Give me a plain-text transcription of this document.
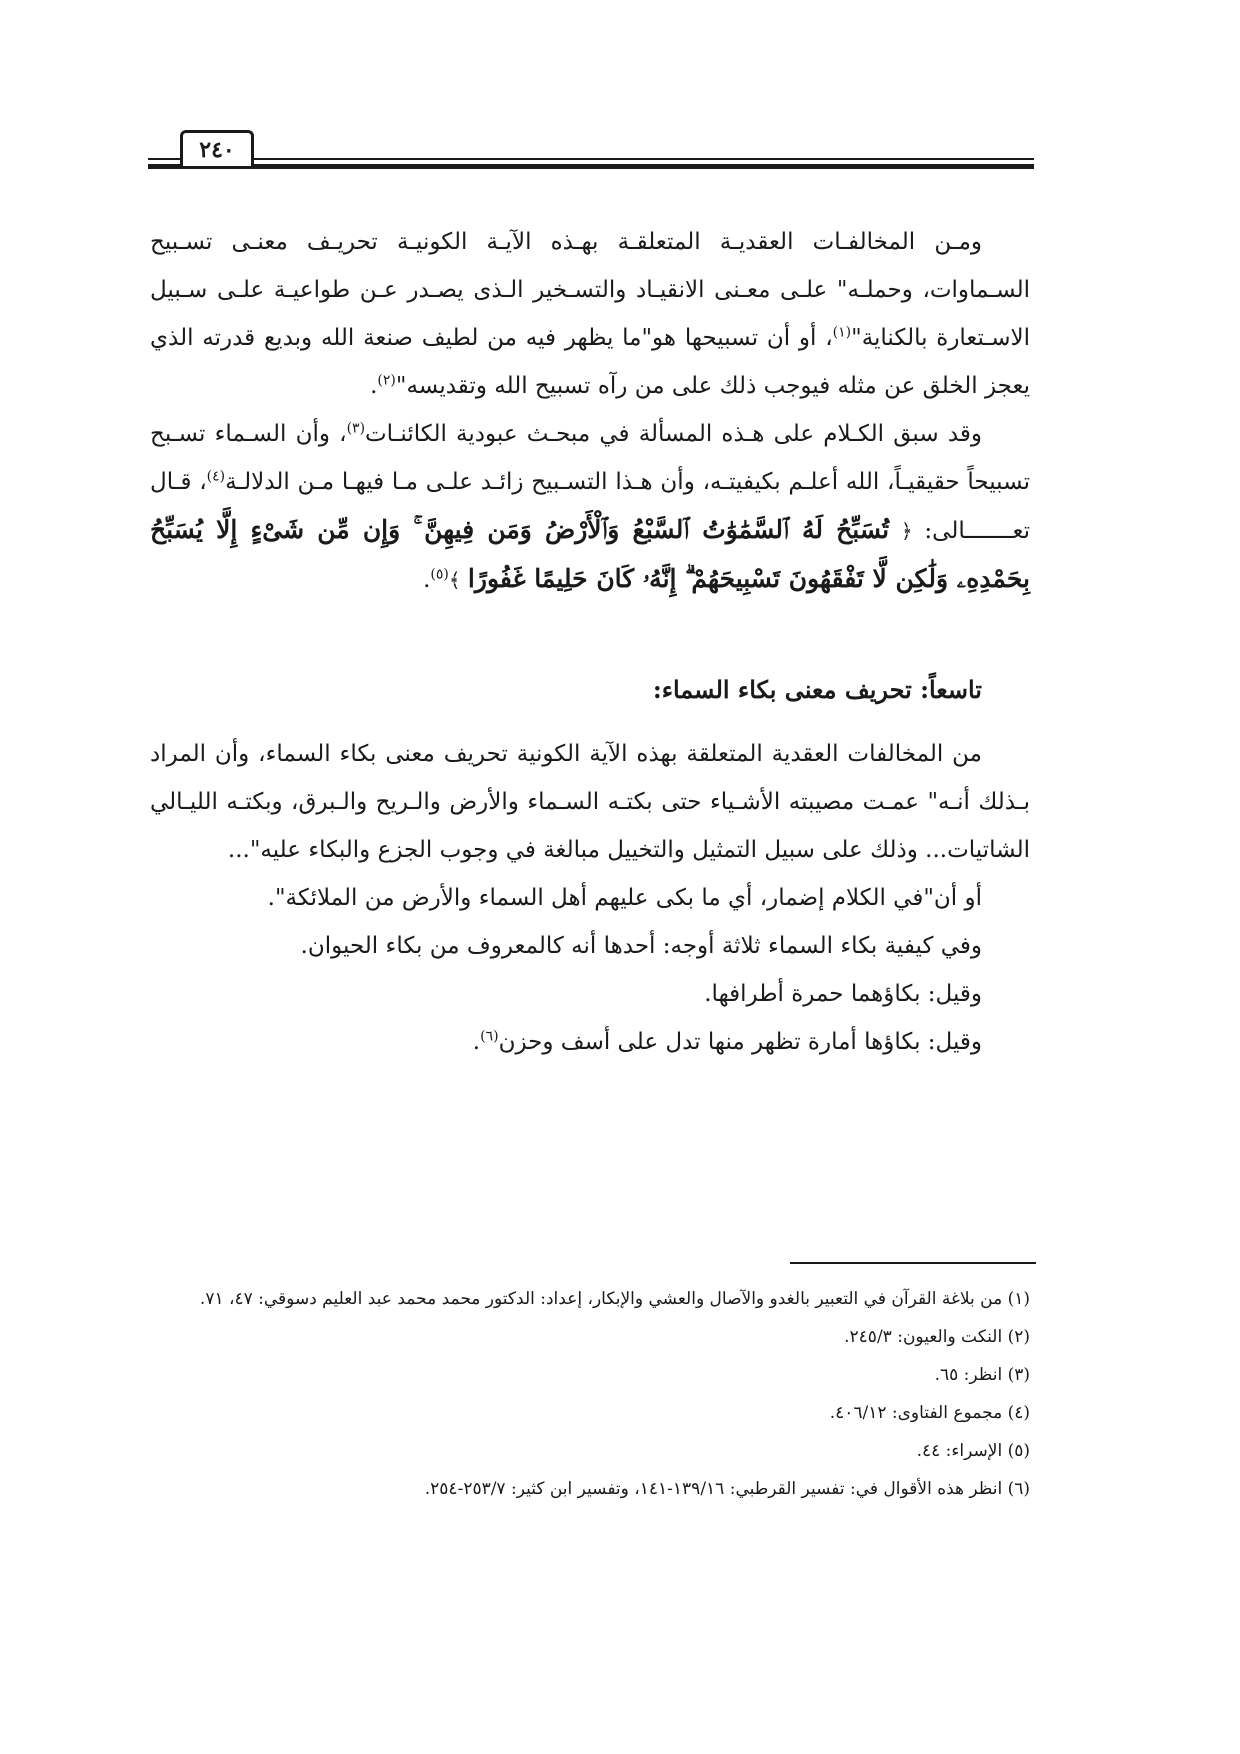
٢٤٠

ومـن المخالفـات العقديـة المتعلقـة بهـذه الآيـة الكونيـة تحريـف معنـى تسـبيح السـماوات، وحملـه" علـى معـنى الانقيـاد والتسـخير الـذى يصـدر عـن طواعيـة علـى سـبيل الاسـتعارة بالكناية"$^{(١)}$، أو أن تسبيحها هو"ما يظهر فيه من لطيف صنعة الله وبديع قدرته الذي يعجز الخلق عن مثله فيوجب ذلك على من رآه تسبيح الله وتقديسه"$^{(٢)}$.

وقد سبق الكـلام على هـذه المسألة في مبحـث عبودية الكائنـات$^{(٣)}$، وأن السـماء تسـبح تسبيحاً حقيقيـاً، الله أعلـم بكيفيتـه، وأن هـذا التسـبيح زائـد علـى مـا فيهـا مـن الدلالـة$^{(٤)}$، قـال تعـــــــالى: ﴿ تُسَبِّحُ لَهُ ٱلسَّمَٰوَٰتُ ٱلسَّبْعُ وَٱلْأَرْضُ وَمَن فِيهِنَّ ۚ وَإِن مِّن شَىْءٍ إِلَّا يُسَبِّحُ بِحَمْدِهِۦ وَلَٰكِن لَّا تَفْقَهُونَ تَسْبِيحَهُمْ ۗ إِنَّهُۥ كَانَ حَلِيمًا غَفُورًا ﴾$^{(٥)}$.

تاسعاً: تحريف معنى بكاء السماء:

من المخالفات العقدية المتعلقة بهذه الآية الكونية تحريف معنى بكاء السماء، وأن المراد بـذلك أنـه" عمـت مصيبته الأشـياء حتى بكتـه السـماء والأرض والـريح والـبرق، وبكتـه الليـالي الشاتيات... وذلك على سبيل التمثيل والتخييل مبالغة في وجوب الجزع والبكاء عليه"...

أو أن"في الكلام إضمار، أي ما بكى عليهم أهل السماء والأرض من الملائكة".

وفي كيفية بكاء السماء ثلاثة أوجه: أحدها أنه كالمعروف من بكاء الحيوان.

وقيل: بكاؤهما حمرة أطرافها.

وقيل: بكاؤها أمارة تظهر منها تدل على أسف وحزن$^{(٦)}$.

(١) من بلاغة القرآن في التعبير بالغدو والآصال والعشي والإبكار، إعداد: الدكتور محمد محمد عبد العليم دسوقي: ٤٧، ٧١.

(٢) النكت والعيون: ٢٤٥/٣.

(٣) انظر: ٦٥.

(٤) مجموع الفتاوى: ٤٠٦/١٢.

(٥) الإسراء: ٤٤.

(٦) انظر هذه الأقوال في: تفسير القرطبي: ١٣٩/١٦-١٤١، وتفسير ابن كثير: ٢٥٣/٧-٢٥٤.
